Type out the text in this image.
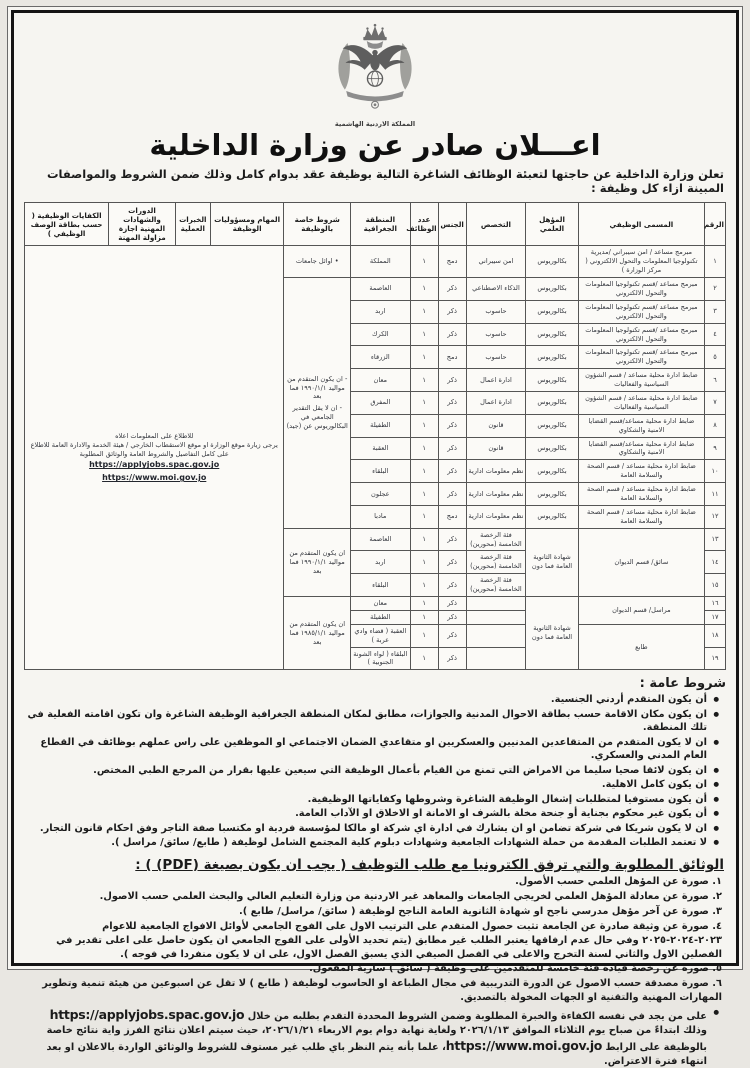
المملكة الاردنية الهاشمية
اعـــلان صادر عن وزارة الداخلية
تعلن وزارة الداخلية عن حاجتها لتعبئة الوظائف الشاغرة التالية بوظيفة عقد بدوام كامل وذلك ضمن الشروط والمواصفات المبينة ازاء كل وظيفة :
الرقم	المسمى الوظيفي	المؤهل العلمي	التخصص	الجنس	عدد الوظائف	المنطقة الجغرافية	شروط خاصة بالوظيفة	المهام ومسؤوليات الوظيفة	الخبرات العملية	الدورات والشهادات المهنية اجازة مزاولة المهنة	الكفايات الوظيفية ( حسب بطاقة الوصف الوظيفي )
١	مبرمج مساعد / امن سيبراني /مديرية تكنولوجيا المعلومات والتحول الالكتروني ( مركز الوزارة )	بكالوريوس	امن سيبراني	دمج	١	المملكة	• اوائل جامعات	للاطلاع على المعلومات اعلاه
يرجى زيارة موقع الوزارة او موقع الاستقطاب الخارجي / هيئة الخدمة والادارة العامة للاطلاع
على كامل التفاصيل والشروط العامة والوثائق المطلوبة
https://applyjobs.spac.gov.jo
https://www.moi.gov.jo			

٢	مبرمج مساعد /قسم تكنولوجيا المعلومات والتحول الالكتروني	بكالوريوس	الذكاء الاصطناعي	ذكر	١	العاصمة	- ان يكون المتقدم من مواليد ١٩٩٠/١/١ فما بعد
- ان لا يقل التقدير الجامعي في البكالوريوس عن (جيد)				

٣	مبرمج مساعد /قسم تكنولوجيا المعلومات والتحول الالكتروني	بكالوريوس	حاسوب	ذكر	١	اربد					
٤	مبرمج مساعد /قسم تكنولوجيا المعلومات والتحول الالكتروني	بكالوريوس	حاسوب	ذكر	١	الكرك					
٥	مبرمج مساعد /قسم تكنولوجيا المعلومات والتحول الالكتروني	بكالوريوس	حاسوب	دمج	١	الزرقاء					
٦	ضابط ادارة محلية مساعد / قسم الشؤون السياسية والفعاليات	بكالوريوس	ادارة اعمال	ذكر	١	معان					
٧	ضابط ادارة محلية مساعد / قسم الشؤون السياسية والفعاليات	بكالوريوس	ادارة اعمال	ذكر	١	المفرق					
٨	ضابط ادارة محلية مساعد/قسم القضايا الامنية والشكاوي	بكالوريوس	قانون	ذكر	١	الطفيلة					
٩	ضابط ادارة محلية مساعد/قسم القضايا الامنية والشكاوي	بكالوريوس	قانون	ذكر	١	العقبة					
١٠	ضابط ادارة محلية مساعد / قسم الصحة والسلامة العامة	بكالوريوس	نظم معلومات ادارية	ذكر	١	البلقاء					
١١	ضابط ادارة محلية مساعد / قسم الصحة والسلامة العامة	بكالوريوس	نظم معلومات ادارية	ذكر	١	عجلون					
١٢	ضابط ادارة محلية مساعد / قسم الصحة والسلامة العامة	بكالوريوس	نظم معلومات ادارية	دمج	١	مادبا					
١٣	سائق/ قسم الديوان	شهادة الثانوية العامة فما دون	فئة الرخصة الخامسة (محورين)	ذكر	١	العاصمة	ان يكون المتقدم من مواليد ١٩٩٠/١/١ فما بعد				

١٤			فئة الرخصة الخامسة (محورين)	ذكر	١	اربد					
١٥			فئة الرخصة الخامسة (محورين)	ذكر	١	البلقاء					
١٦	مراسل/ قسم الديوان	شهادة الثانوية العامة فما دون		ذكر	١	معان	ان يكون المتقدم من مواليد ١٩٨٥/١/١ فما بعد				

١٧				ذكر	١	الطفيلة					
١٨	طابع			ذكر	١	العقبة ( قضاء وادي عربة )					
١٩				ذكر	١	البلقاء ( لواء الشونة الجنوبية )					
شروط عامة :
● أن يكون المتقدم أردني الجنسية.
● ان يكون مكان الاقامة حسب بطاقة الاحوال المدنية والجوازات، مطابق لمكان المنطقة الجغرافية الوظيفة الشاغرة وان تكون اقامته الفعلية في تلك المنطقة.
● ان لا يكون المتقدم من المتقاعدين المدنيين والعسكريين او متقاعدي الضمان الاجتماعي او الموظفين على راس عملهم بوظائف في القطاع العام المدني والعسكري.
● ان يكون لائقا صحيا سليما من الامراض التي تمنع من القيام بأعمال الوظيفة التي سيعين عليها بقرار من المرجع الطبي المختص.
● ان يكون كامل الاهلية.
● أن يكون مستوفيا لمتطلبات إشغال الوظيفة الشاغرة وشروطها وكفاياتها الوظيفية.
● أن يكون غير محكوم بجناية أو جنحة مخلة بالشرف او الامانة او الاخلاق او الآداب العامة.
● ان لا يكون شريكا في شركة تضامن او ان يشارك في ادارة اي شركة او مالكا لمؤسسة فردية او مكتسبا صفة التاجر وفق احكام قانون التجار.
● لا تعتمد الطلبات المقدمة من حملة الشهادات الجامعية وشهادات دبلوم كلية المجتمع الشامل لوظيفة ( طابع/ سائق/ مراسل ).
الوثائق المطلوبة والتي ترفق الكترونيا مع طلب التوظيف ( يجب ان يكون بصيغة (PDF) ) :
١. صورة عن المؤهل العلمي حسب الأصول.
٢. صورة عن معادلة المؤهل العلمي لخريجي الجامعات والمعاهد غير الاردنية من وزارة التعليم العالي والبحث العلمي حسب الاصول.
٣. صورة عن آخر مؤهل مدرسي ناجح او شهادة الثانوية العامة الناجح لوظيفة ( سائق/ مراسل/ طابع ).
٤. صورة عن وثيقة صادرة عن الجامعة تثبت حصول المتقدم على الترتيب الاول على الفوج الجامعي لأوائل الافواج الجامعية للاعوام ٢٠٢٣-٢٠٢٤-٢٠٢٥ وفي حال عدم ارفاقها يعتبر الطلب غير مطابق (يتم تحديد الأولى على الفوج الجامعي ان يكون حاصل على اعلى تقدير في الفصلين الاول والثاني لسنة التخرج والاعلى في الفصل الصيفي الذي يسبق الفصل الاول، على ان لا يكون منفردا في فوجه ).
٥. صورة عن رخصة قيادة فئة خامسة للمتقدمين على وظيفة ( سائق ) سارية المفعول.
٦. صورة مصدقة حسب الاصول عن الدورة التدريبية في مجال الطباعة او الحاسوب لوظيفة ( طابع ) لا تقل عن اسبوعين من هيئة تنمية وتطوير المهارات المهنية والتقنية او الجهات المخولة بالتصديق.
● على من يجد في نفسه الكفاءة والخبرة المطلوبة وضمن الشروط المحددة التقدم بطلبه من خلال https://applyjobs.spac.gov.jo وذلك ابتداءً من صباح يوم الثلاثاء الموافق ٢٠٢٦/١/١٣ ولغاية نهاية دوام يوم الاربعاء ٢٠٢٦/١/٢١، حيث سيتم اعلان نتائج الفرز واية نتائج خاصة بالوظيفة على الرابط https://www.moi.gov.jo، علما بأنه يتم النظر باي طلب غير مستوف للشروط والوثائق الواردة بالاعلان او بعد انتهاء فترة الاعتراض.
